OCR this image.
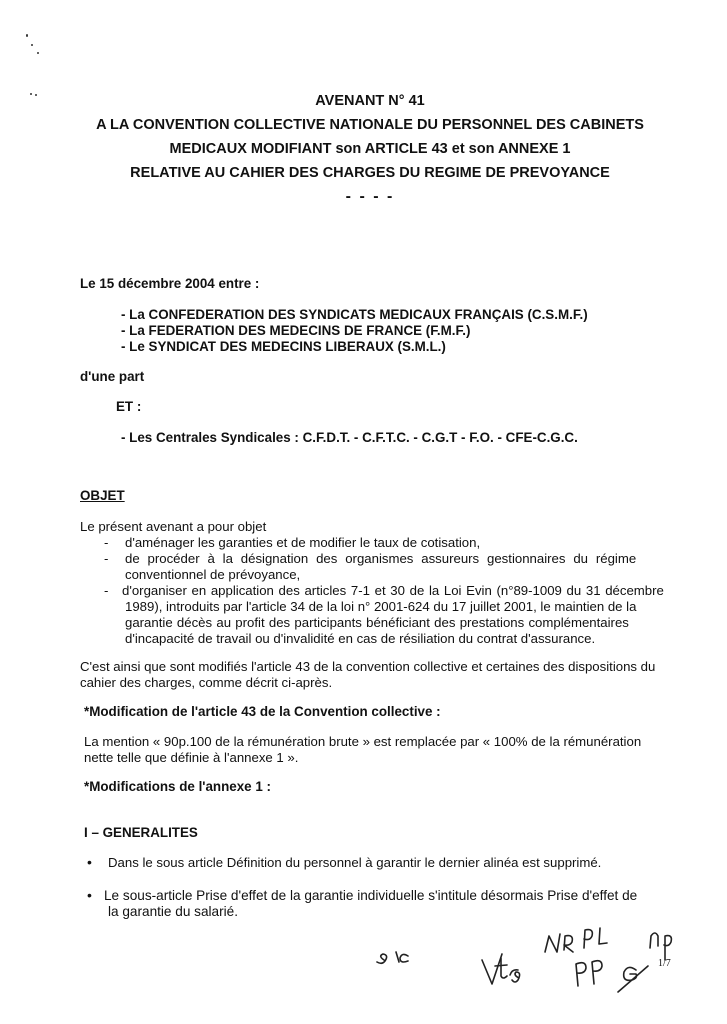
AVENANT N° 41
A LA CONVENTION COLLECTIVE NATIONALE DU PERSONNEL DES CABINETS
MEDICAUX MODIFIANT son ARTICLE 43 et son ANNEXE 1
RELATIVE AU CAHIER DES CHARGES DU REGIME DE PREVOYANCE
- - - -
Le 15 décembre 2004 entre :
- La CONFEDERATION DES SYNDICATS MEDICAUX FRANÇAIS (C.S.M.F.)
- La FEDERATION DES MEDECINS DE FRANCE (F.M.F.)
- Le SYNDICAT DES MEDECINS LIBERAUX (S.M.L.)
d'une part
ET :
- Les Centrales Syndicales : C.F.D.T. - C.F.T.C. - C.G.T - F.O. - CFE-C.G.C.
OBJET
Le présent avenant a pour objet
- d'aménager les garanties et de modifier le taux de cotisation,
- de procéder à la désignation des organismes assureurs gestionnaires du régime
conventionnel de prévoyance,
- d'organiser en application des articles 7-1 et 30 de la Loi Evin (n°89-1009 du 31 décembre
1989), introduits par l'article 34 de la loi n° 2001-624 du 17 juillet 2001, le maintien de la
garantie décès au profit des participants bénéficiant des prestations complémentaires
d'incapacité de travail ou d'invalidité en cas de résiliation du contrat d'assurance.
C'est ainsi que sont modifiés l'article 43 de la convention collective et certaines des dispositions du
cahier des charges, comme décrit ci-après.
*Modification de l'article 43 de la Convention collective :
La mention « 90p.100 de la rémunération brute » est remplacée par « 100% de la rémunération
nette telle que définie à l'annexe 1 ».
*Modifications de l'annexe 1 :
I – GENERALITES
• Dans le sous article Définition du personnel à garantir le dernier alinéa est supprimé.
• Le sous-article Prise d'effet de la garantie individuelle s'intitule désormais Prise d'effet de
la garantie du salarié.
1/7
